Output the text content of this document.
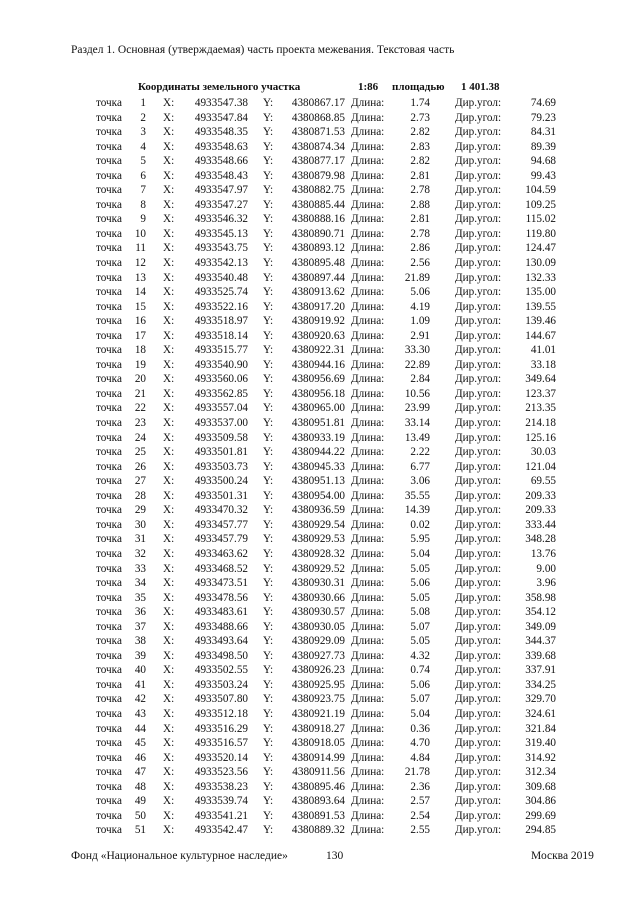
Раздел 1. Основная (утверждаемая) часть проекта межевания. Текстовая часть
Координаты земельного участка	1:86 площадью 1 401.38
точка	1 X:	4933547.38 Y:	4380867.17 Длина:	1.74 Дир.угол:	74.69
точка	2 X:	4933547.84 Y:	4380868.85 Длина:	2.73 Дир.угол:	79.23
точка	3 X:	4933548.35 Y:	4380871.53 Длина:	2.82 Дир.угол:	84.31
точка	4 X:	4933548.63 Y:	4380874.34 Длина:	2.83 Дир.угол:	89.39
точка	5 X:	4933548.66 Y:	4380877.17 Длина:	2.82 Дир.угол:	94.68
точка	6 X:	4933548.43 Y:	4380879.98 Длина:	2.81 Дир.угол:	99.43
точка	7 X:	4933547.97 Y:	4380882.75 Длина:	2.78 Дир.угол:	104.59
точка	8 X:	4933547.27 Y:	4380885.44 Длина:	2.88 Дир.угол:	109.25
точка	9 X:	4933546.32 Y:	4380888.16 Длина:	2.81 Дир.угол:	115.02
точка	10 X:	4933545.13 Y:	4380890.71 Длина:	2.78 Дир.угол:	119.80
точка	11 X:	4933543.75 Y:	4380893.12 Длина:	2.86 Дир.угол:	124.47
точка	12 X:	4933542.13 Y:	4380895.48 Длина:	2.56 Дир.угол:	130.09
точка	13 X:	4933540.48 Y:	4380897.44 Длина:	21.89 Дир.угол:	132.33
точка	14 X:	4933525.74 Y:	4380913.62 Длина:	5.06 Дир.угол:	135.00
точка	15 X:	4933522.16 Y:	4380917.20 Длина:	4.19 Дир.угол:	139.55
точка	16 X:	4933518.97 Y:	4380919.92 Длина:	1.09 Дир.угол:	139.46
точка	17 X:	4933518.14 Y:	4380920.63 Длина:	2.91 Дир.угол:	144.67
точка	18 X:	4933515.77 Y:	4380922.31 Длина:	33.30 Дир.угол:	41.01
точка	19 X:	4933540.90 Y:	4380944.16 Длина:	22.89 Дир.угол:	33.18
точка	20 X:	4933560.06 Y:	4380956.69 Длина:	2.84 Дир.угол:	349.64
точка	21 X:	4933562.85 Y:	4380956.18 Длина:	10.56 Дир.угол:	123.37
точка	22 X:	4933557.04 Y:	4380965.00 Длина:	23.99 Дир.угол:	213.35
точка	23 X:	4933537.00 Y:	4380951.81 Длина:	33.14 Дир.угол:	214.18
точка	24 X:	4933509.58 Y:	4380933.19 Длина:	13.49 Дир.угол:	125.16
точка	25 X:	4933501.81 Y:	4380944.22 Длина:	2.22 Дир.угол:	30.03
точка	26 X:	4933503.73 Y:	4380945.33 Длина:	6.77 Дир.угол:	121.04
точка	27 X:	4933500.24 Y:	4380951.13 Длина:	3.06 Дир.угол:	69.55
точка	28 X:	4933501.31 Y:	4380954.00 Длина:	35.55 Дир.угол:	209.33
точка	29 X:	4933470.32 Y:	4380936.59 Длина:	14.39 Дир.угол:	209.33
точка	30 X:	4933457.77 Y:	4380929.54 Длина:	0.02 Дир.угол:	333.44
точка	31 X:	4933457.79 Y:	4380929.53 Длина:	5.95 Дир.угол:	348.28
точка	32 X:	4933463.62 Y:	4380928.32 Длина:	5.04 Дир.угол:	13.76
точка	33 X:	4933468.52 Y:	4380929.52 Длина:	5.05 Дир.угол:	9.00
точка	34 X:	4933473.51 Y:	4380930.31 Длина:	5.06 Дир.угол:	3.96
точка	35 X:	4933478.56 Y:	4380930.66 Длина:	5.05 Дир.угол:	358.98
точка	36 X:	4933483.61 Y:	4380930.57 Длина:	5.08 Дир.угол:	354.12
точка	37 X:	4933488.66 Y:	4380930.05 Длина:	5.07 Дир.угол:	349.09
точка	38 X:	4933493.64 Y:	4380929.09 Длина:	5.05 Дир.угол:	344.37
точка	39 X:	4933498.50 Y:	4380927.73 Длина:	4.32 Дир.угол:	339.68
точка	40 X:	4933502.55 Y:	4380926.23 Длина:	0.74 Дир.угол:	337.91
точка	41 X:	4933503.24 Y:	4380925.95 Длина:	5.06 Дир.угол:	334.25
точка	42 X:	4933507.80 Y:	4380923.75 Длина:	5.07 Дир.угол:	329.70
точка	43 X:	4933512.18 Y:	4380921.19 Длина:	5.04 Дир.угол:	324.61
точка	44 X:	4933516.29 Y:	4380918.27 Длина:	0.36 Дир.угол:	321.84
точка	45 X:	4933516.57 Y:	4380918.05 Длина:	4.70 Дир.угол:	319.40
точка	46 X:	4933520.14 Y:	4380914.99 Длина:	4.84 Дир.угол:	314.92
точка	47 X:	4933523.56 Y:	4380911.56 Длина:	21.78 Дир.угол:	312.34
точка	48 X:	4933538.23 Y:	4380895.46 Длина:	2.36 Дир.угол:	309.68
точка	49 X:	4933539.74 Y:	4380893.64 Длина:	2.57 Дир.угол:	304.86
точка	50 X:	4933541.21 Y:	4380891.53 Длина:	2.54 Дир.угол:	299.69
точка	51 X:	4933542.47 Y:	4380889.32 Длина:	2.55 Дир.угол:	294.85
Фонд «Национальное культурное наследие»	130	Москва 2019
